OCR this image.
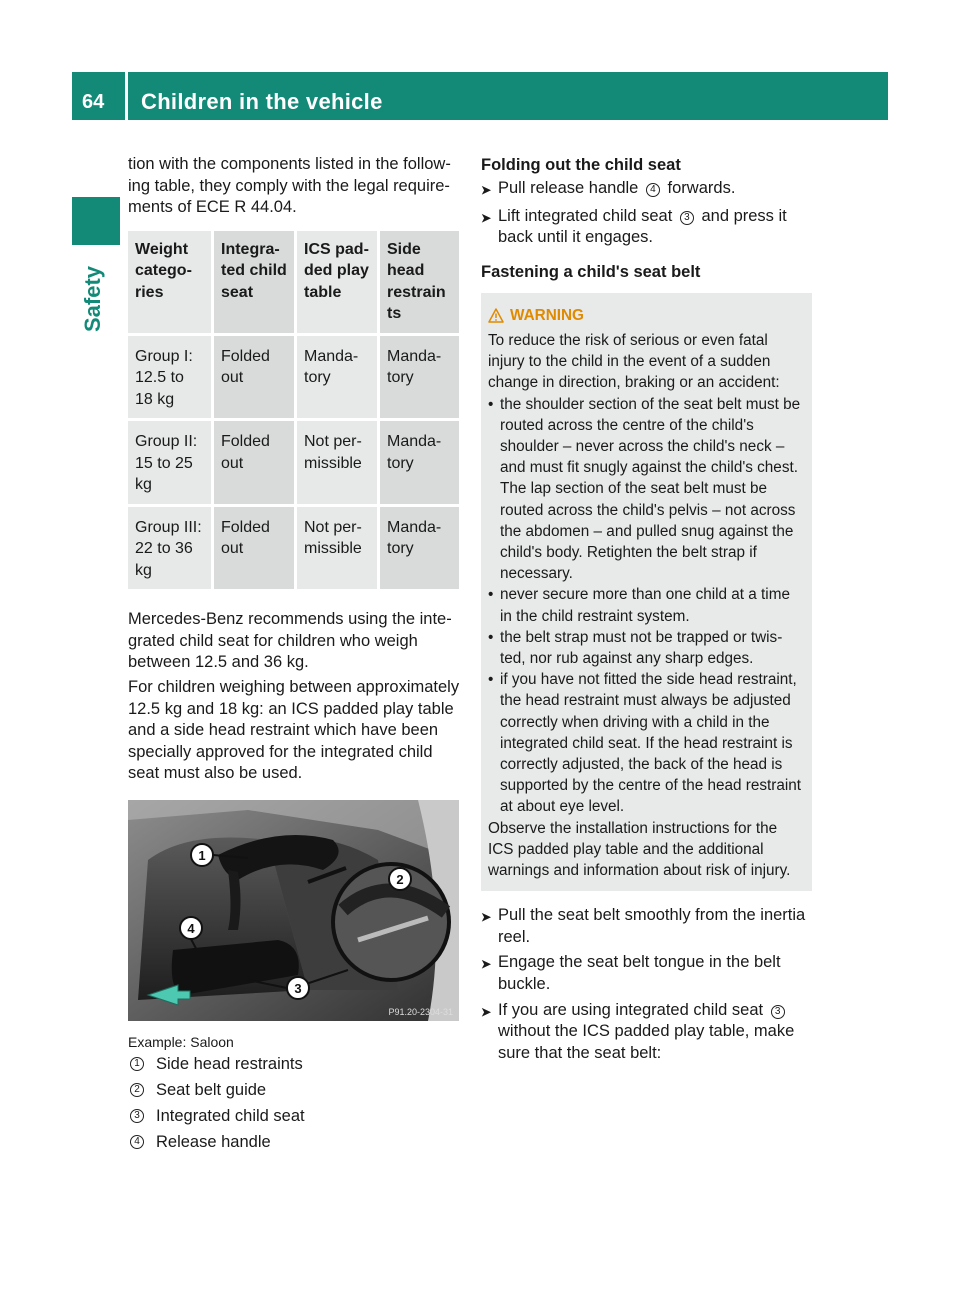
64 Children in the vehicle
Safety

tion with the components listed in the follow-ing table, they comply with the legal require-ments of ECE R 44.04.

Weight catego-ries	Integra-ted child seat	ICS pad-ded play table	Side head restrain ts
Group I: 12.5 to 18 kg	Folded out	Manda-tory	Manda-tory
Group II: 15 to 25 kg	Folded out	Not per-missible	Manda-tory
Group III: 22 to 36 kg	Folded out	Not per-missible	Manda-tory

Mercedes-Benz recommends using the inte-grated child seat for children who weigh between 12.5 and 36 kg.

For children weighing between approximately 12.5 kg and 18 kg: an ICS padded play table and a side head restraint which have been specially approved for the integrated child seat must also be used.

1
2
3
4
P91.20-2304-31
Example: Saloon
1 Side head restraints
2 Seat belt guide
3 Integrated child seat
4 Release handle
Folding out the child seat
➤ Pull release handle 4 forwards.
➤ Lift integrated child seat 3 and press it back until it engages.
Fastening a child's seat belt
WARNING
To reduce the risk of serious or even fatal injury to the child in the event of a sudden change in direction, braking or an accident:
• the shoulder section of the seat belt must be routed across the centre of the child's shoulder – never across the child's neck – and must fit snugly against the child's chest. The lap section of the seat belt must be routed across the child's pelvis – not across the abdomen – and pulled snug against the child's body. Retighten the belt strap if necessary.
• never secure more than one child at a time in the child restraint system.
• the belt strap must not be trapped or twis-ted, nor rub against any sharp edges.
• if you have not fitted the side head restraint, the head restraint must always be adjusted correctly when driving with a child in the integrated child seat. If the head restraint is correctly adjusted, the back of the head is supported by the centre of the head restraint at about eye level.
Observe the installation instructions for the ICS padded play table and the additional warnings and information about risk of injury.
➤ Pull the seat belt smoothly from the inertia reel.
➤ Engage the seat belt tongue in the belt buckle.
➤ If you are using integrated child seat 3 without the ICS padded play table, make sure that the seat belt:
